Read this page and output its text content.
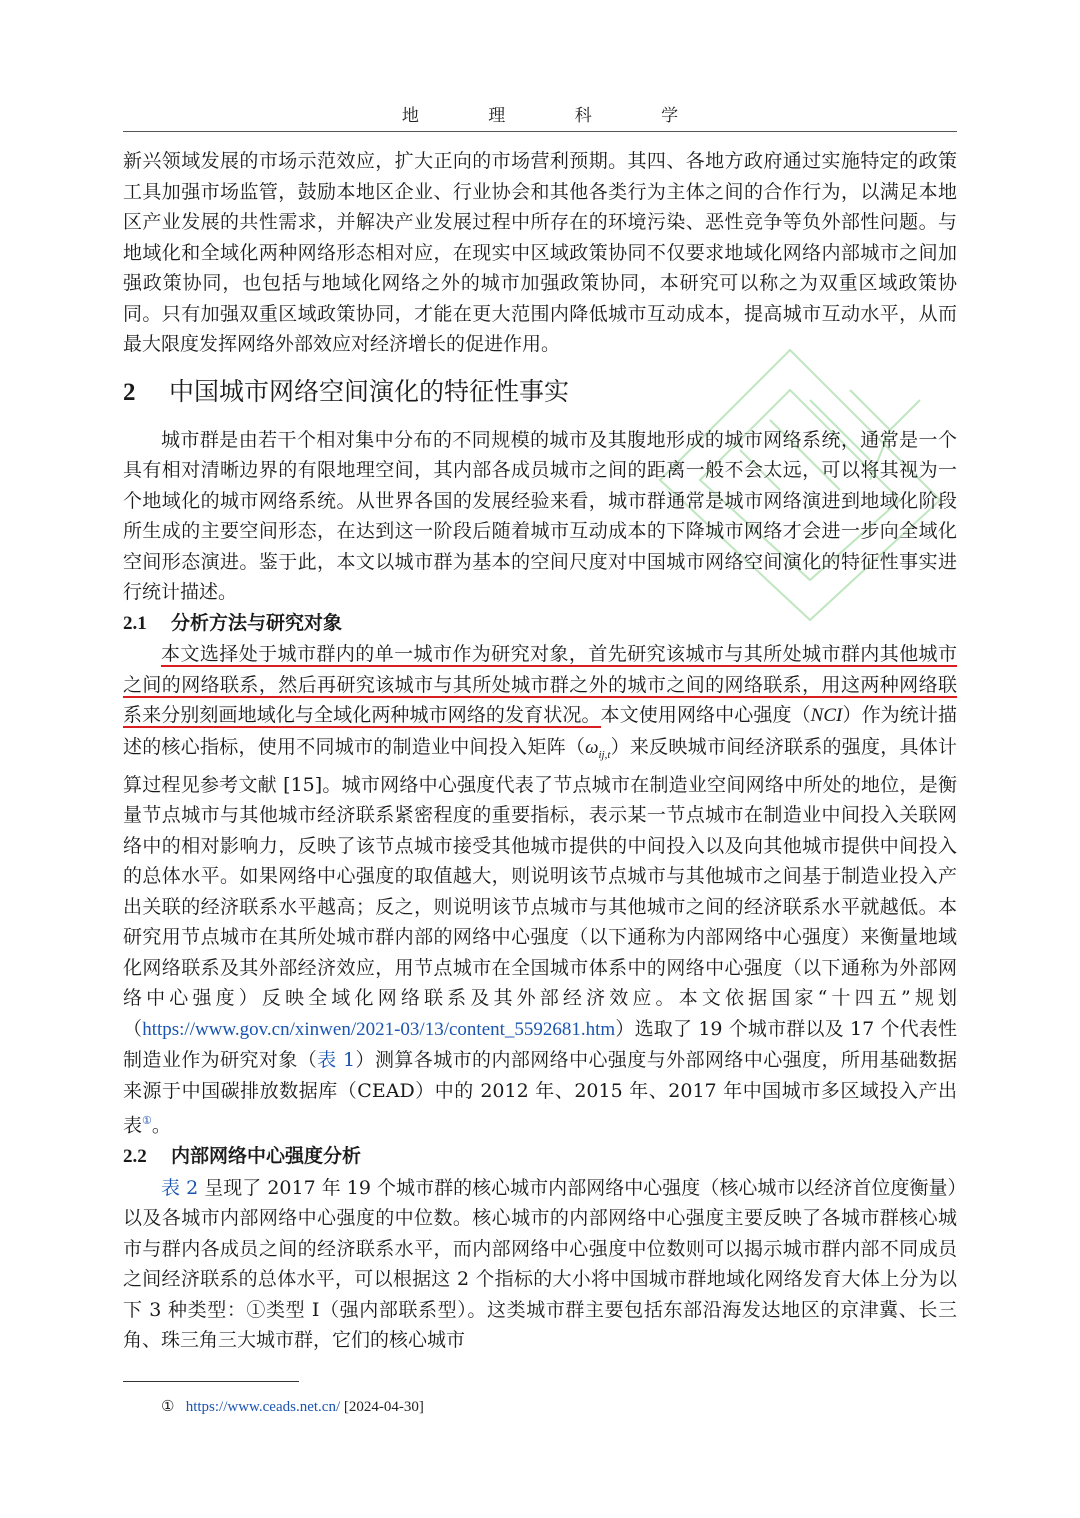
地 理 科 学

新兴领域发展的市场示范效应，扩大正向的市场营利预期。其四、各地方政府通过实施特定的政策工具加强市场监管，鼓励本地区企业、行业协会和其他各类行为主体之间的合作行为，以满足本地区产业发展的共性需求，并解决产业发展过程中所存在的环境污染、恶性竞争等负外部性问题。与地域化和全域化两种网络形态相对应，在现实中区域政策协同不仅要求地域化网络内部城市之间加强政策协同，也包括与地域化网络之外的城市加强政策协同，本研究可以称之为双重区域政策协同。只有加强双重区域政策协同，才能在更大范围内降低城市互动成本，提高城市互动水平，从而最大限度发挥网络外部效应对经济增长的促进作用。

2 中国城市网络空间演化的特征性事实

城市群是由若干个相对集中分布的不同规模的城市及其腹地形成的城市网络系统，通常是一个具有相对清晰边界的有限地理空间，其内部各成员城市之间的距离一般不会太远，可以将其视为一个地域化的城市网络系统。从世界各国的发展经验来看，城市群通常是城市网络演进到地域化阶段所生成的主要空间形态，在达到这一阶段后随着城市互动成本的下降城市网络才会进一步向全域化空间形态演进。鉴于此，本文以城市群为基本的空间尺度对中国城市网络空间演化的特征性事实进行统计描述。

2.1 分析方法与研究对象

本文选择处于城市群内的单一城市作为研究对象，首先研究该城市与其所处城市群内其他城市之间的网络联系，然后再研究该城市与其所处城市群之外的城市之间的网络联系，用这两种网络联系来分别刻画地域化与全域化两种城市网络的发育状况。本文使用网络中心强度（NCI）作为统计描述的核心指标，使用不同城市的制造业中间投入矩阵$(\omega_{ij,t})$来反映城市间经济联系的强度，具体计算过程见参考文献 [15]。城市网络中心强度代表了节点城市在制造业空间网络中所处的地位，是衡量节点城市与其他城市经济联系紧密程度的重要指标，表示某一节点城市在制造业中间投入关联网络中的相对影响力，反映了该节点城市接受其他城市提供的中间投入以及向其他城市提供中间投入的总体水平。如果网络中心强度的取值越大，则说明该节点城市与其他城市之间基于制造业投入产出关联的经济联系水平越高；反之，则说明该节点城市与其他城市之间的经济联系水平就越低。本研究用节点城市在其所处城市群内部的网络中心强度（以下通称为内部网络中心强度）来衡量地域化网络联系及其外部经济效应，用节点城市在全国城市体系中的网络中心强度（以下通称为外部网络中心强度）反映全域化网络联系及其外部经济效应。本文依据国家“十四五”规划（https://www.gov.cn/xinwen/2021-03/13/content_5592681.htm）选取了 19 个城市群以及 17 个代表性制造业作为研究对象（表 1）测算各城市的内部网络中心强度与外部网络中心强度，所用基础数据来源于中国碳排放数据库（CEAD）中的 2012 年、2015 年、2017 年中国城市多区域投入产出表①。

2.2 内部网络中心强度分析

表 2 呈现了 2017 年 19 个城市群的核心城市内部网络中心强度（核心城市以经济首位度衡量）以及各城市内部网络中心强度的中位数。核心城市的内部网络中心强度主要反映了各城市群核心城市与群内各成员之间的经济联系水平，而内部网络中心强度中位数则可以揭示城市群内部不同成员之间经济联系的总体水平，可以根据这 2 个指标的大小将中国城市群地域化网络发育大体上分为以下 3 种类型：①类型 I（强内部联系型）。这类城市群主要包括东部沿海发达地区的京津冀、长三角、珠三角三大城市群，它们的核心城市

① https://www.ceads.net.cn/ [2024-04-30]
